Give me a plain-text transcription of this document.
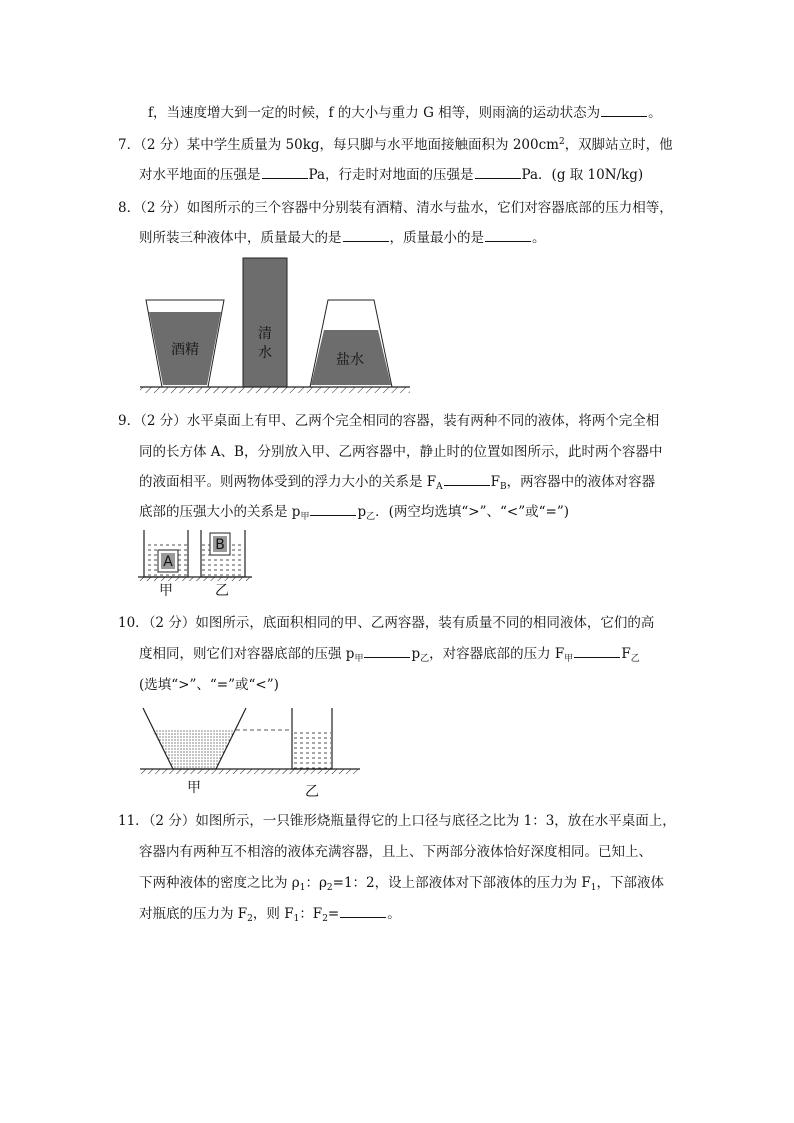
f，当速度增大到一定的时候，f 的大小与重力 G 相等，则雨滴的运动状态为	。
7．（2 分）某中学生质量为 50kg，每只脚与水平地面接触面积为 $200cm^2$，双脚站立时，他
对水平地面的压强是	Pa，行走时对地面的压强是	Pa．(g 取 10N/kg)
8．（2 分）如图所示的三个容器中分别装有酒精、清水与盐水，它们对容器底部的压力相等，
则所装三种液体中，质量最大的是	，质量最小的是	。
酒精
清
水	盐水
9．（2 分）水平桌面上有甲、乙两个完全相同的容器，装有两种不同的液体，将两个完全相
同的长方体 A、B，分别放入甲、乙两容器中，静止时的位置如图所示，此时两个容器中
的液面相平。则两物体受到的浮力大小的关系是 $F_A$	$F_B$，两容器中的液体对容器
底部的压强大小的关系是 $p_甲$	$p_乙$．(两空均选填“>”、“<”或“=”)
A
B
甲	乙
10．（2 分）如图所示，底面积相同的甲、乙两容器，装有质量不同的相同液体，它们的高
度相同，则它们对容器底部的压强 $p_甲$	$p_乙$，对容器底部的压力 $F_甲$	$F_乙$
(选填“>”、“=”或“<”)
甲	乙
11．（2 分）如图所示，一只锥形烧瓶量得它的上口径与底径之比为 1：3，放在水平桌面上，
容器内有两种互不相溶的液体充满容器，且上、下两部分液体恰好深度相同。已知上、
下两种液体的密度之比为 $\rho_1$：$\rho_2=1$：2，设上部液体对下部液体的压力为 $F_1$，下部液体
对瓶底的压力为 $F_2$，则 $F_1$：$F_2=$	。
